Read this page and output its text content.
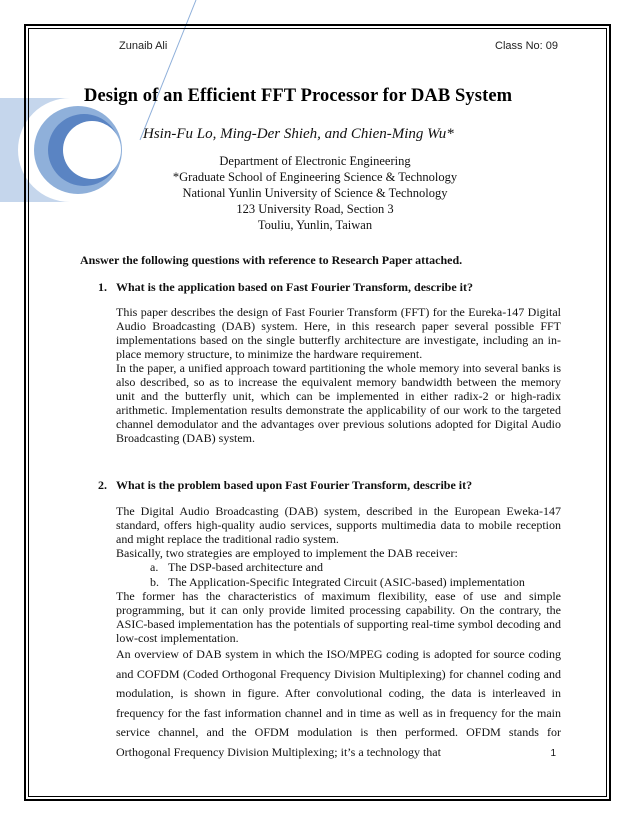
Zunaib Ali	Class No: 09
Design of an Efficient FFT Processor for DAB System
Hsin-Fu Lo, Ming-Der Shieh, and Chien-Ming Wu*
Department of Electronic Engineering
*Graduate School of Engineering Science & Technology
National Yunlin University of Science & Technology
123 University Road, Section 3
Touliu, Yunlin, Taiwan
Answer the following questions with reference to Research Paper attached.
1. What is the application based on Fast Fourier Transform, describe it?

This paper describes the design of Fast Fourier Transform (FFT) for the Eureka-147 Digital Audio Broadcasting (DAB) system. Here, in this research paper several possible FFT implementations based on the single butterfly architecture are investigate, including an in-place memory structure, to minimize the hardware requirement.

In the paper, a unified approach toward partitioning the whole memory into several banks is also described, so as to increase the equivalent memory bandwidth between the memory unit and the butterfly unit, which can be implemented in either radix-2 or high-radix arithmetic. Implementation results demonstrate the applicability of our work to the targeted channel demodulator and the advantages over previous solutions adopted for Digital Audio Broadcasting (DAB) system.

2. What is the problem based upon Fast Fourier Transform, describe it?

The Digital Audio Broadcasting (DAB) system, described in the European Eweka-147 standard, offers high-quality audio services, supports multimedia data to mobile reception and might replace the traditional radio system.

Basically, two strategies are employed to implement the DAB receiver:

a. The DSP-based architecture and

b. The Application-Specific Integrated Circuit (ASIC-based) implementation

The former has the characteristics of maximum flexibility, ease of use and simple programming, but it can only provide limited processing capability. On the contrary, the ASIC-based implementation has the potentials of supporting real-time symbol decoding and low-cost implementation.

An overview of DAB system in which the ISO/MPEG coding is adopted for source coding and COFDM (Coded Orthogonal Frequency Division Multiplexing) for channel coding and modulation, is shown in figure. After convolutional coding, the data is interleaved in frequency for the fast information channel and in time as well as in frequency for the main service channel, and the OFDM modulation is then performed. OFDM stands for Orthogonal Frequency Division Multiplexing; it’s a technology that	1
